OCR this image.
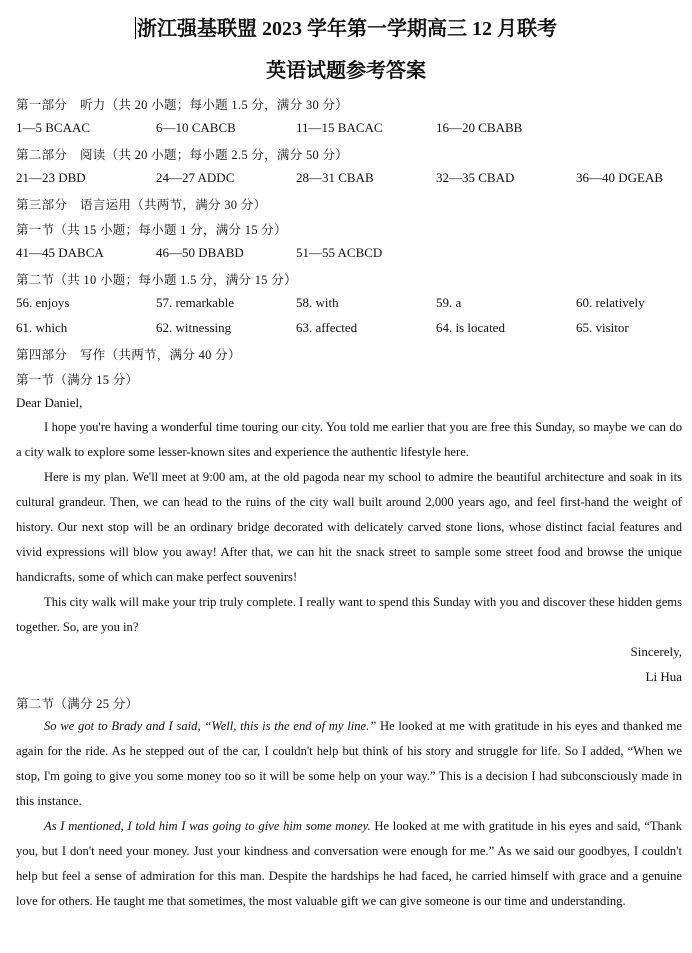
浙江强基联盟 2023 学年第一学期高三 12 月联考
英语试题参考答案
第一部分　听力（共 20 小题；每小题 1.5 分，满分 30 分）
1—5 BCAAC	6—10 CABCB	11—15 BACAC	16—20 CBABB
第二部分　阅读（共 20 小题；每小题 2.5 分，满分 50 分）
21—23 DBD	24—27 ADDC	28—31 CBAB	32—35 CBAD	36—40 DGEAB
第三部分　语言运用（共两节，满分 30 分）
第一节（共 15 小题；每小题 1 分，满分 15 分）
41—45 DABCA	46—50 DBABD	51—55 ACBCD
第二节（共 10 小题；每小题 1.5 分，满分 15 分）
56. enjoys	57. remarkable	58. with	59. a	60. relatively
61. which	62. witnessing	63. affected	64. is located	65. visitor
第四部分　写作（共两节，满分 40 分）
第一节（满分 15 分）
Dear Daniel,
I hope you're having a wonderful time touring our city. You told me earlier that you are free this Sunday, so maybe we can do a city walk to explore some lesser-known sites and experience the authentic lifestyle here.
Here is my plan. We'll meet at 9:00 am, at the old pagoda near my school to admire the beautiful architecture and soak in its cultural grandeur. Then, we can head to the ruins of the city wall built around 2,000 years ago, and feel first-hand the weight of history. Our next stop will be an ordinary bridge decorated with delicately carved stone lions, whose distinct facial features and vivid expressions will blow you away! After that, we can hit the snack street to sample some street food and browse the unique handicrafts, some of which can make perfect souvenirs!
This city walk will make your trip truly complete. I really want to spend this Sunday with you and discover these hidden gems together. So, are you in?
Sincerely,
Li Hua
第二节（满分 25 分）
So we got to Brady and I said, “Well, this is the end of my line.” He looked at me with gratitude in his eyes and thanked me again for the ride. As he stepped out of the car, I couldn't help but think of his story and struggle for life. So I added, “When we stop, I'm going to give you some money too so it will be some help on your way.” This is a decision I had subconsciously made in this instance.
As I mentioned, I told him I was going to give him some money. He looked at me with gratitude in his eyes and said, “Thank you, but I don't need your money. Just your kindness and conversation were enough for me.” As we said our goodbyes, I couldn't help but feel a sense of admiration for this man. Despite the hardships he had faced, he carried himself with grace and a genuine love for others. He taught me that sometimes, the most valuable gift we can give someone is our time and understanding.
